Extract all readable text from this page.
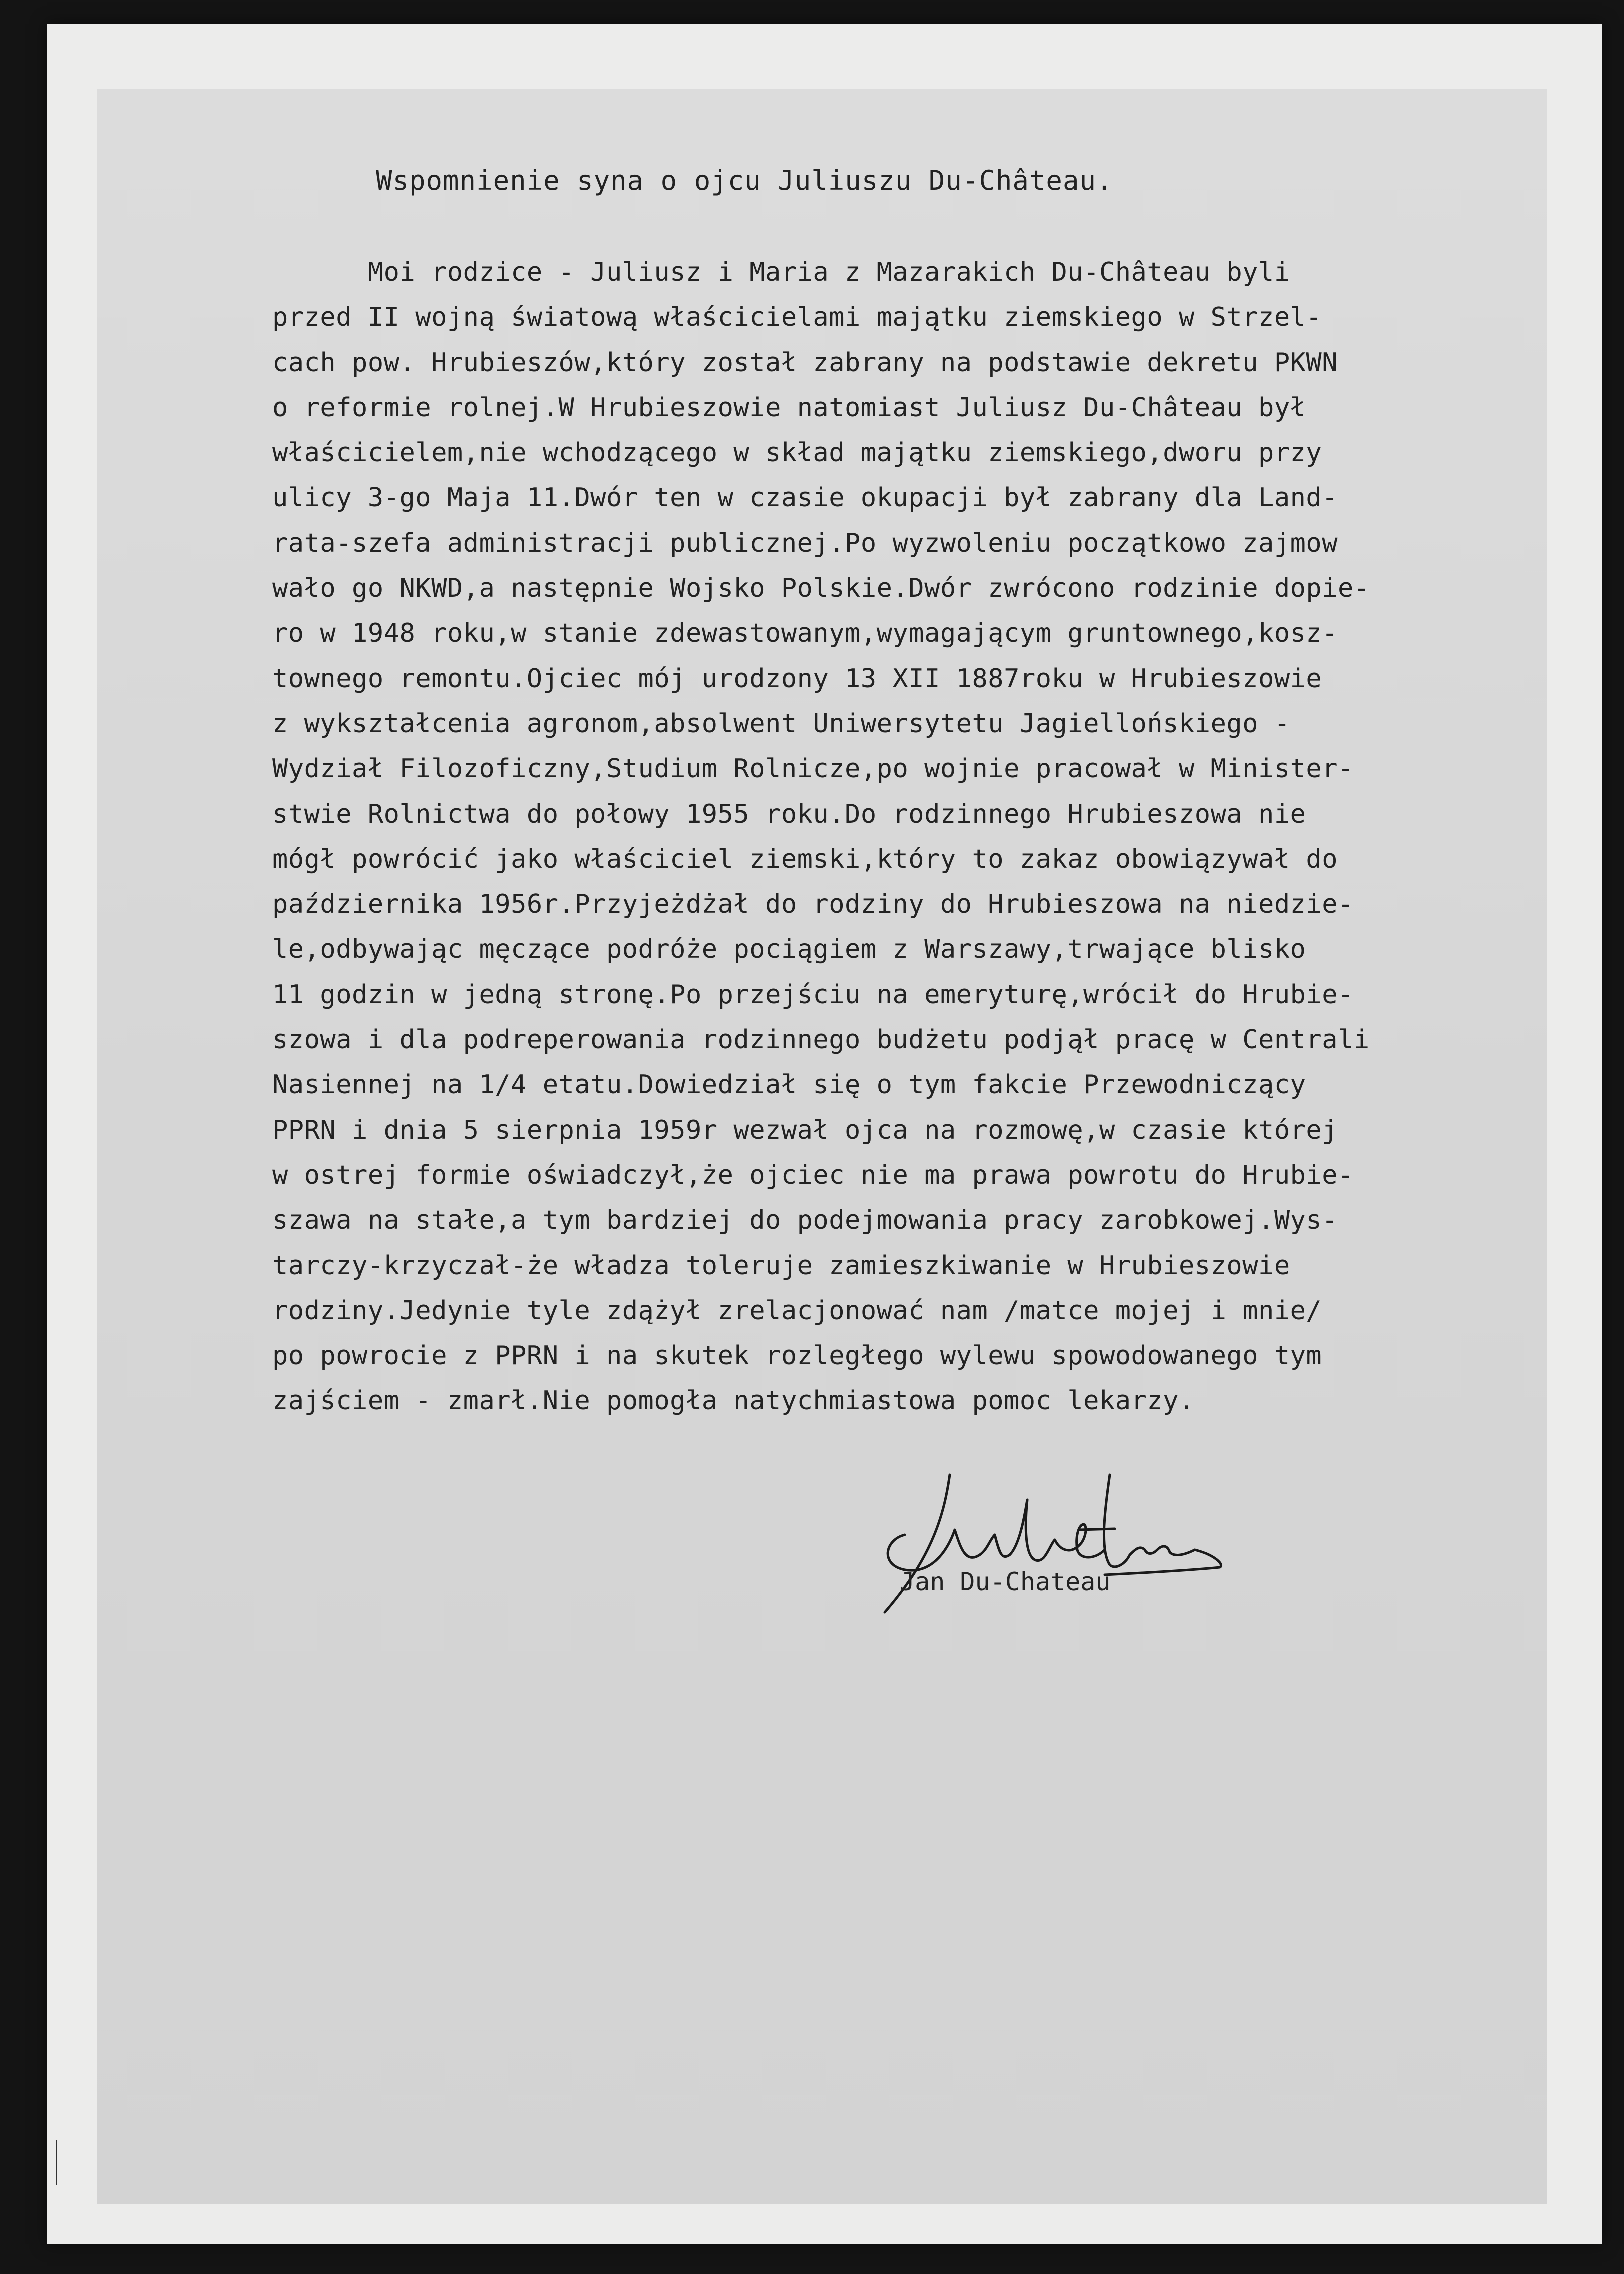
Wspomnienie syna o ojcu Juliuszu Du-Château.
Moi rodzice - Juliusz i Maria z Mazarakich Du-Château byli
przed II wojną światową właścicielami majątku ziemskiego w Strzel-
cach pow. Hrubieszów,który został zabrany na podstawie dekretu PKWN
o reformie rolnej.W Hrubieszowie natomiast Juliusz Du-Château był
właścicielem,nie wchodzącego w skład majątku ziemskiego,dworu przy
ulicy 3-go Maja 11.Dwór ten w czasie okupacji był zabrany dla Land-
rata-szefa administracji publicznej.Po wyzwoleniu początkowo zajmow
wało go NKWD,a następnie Wojsko Polskie.Dwór zwrócono rodzinie dopie-
ro w 1948 roku,w stanie zdewastowanym,wymagającym gruntownego,kosz-
townego remontu.Ojciec mój urodzony 13 XII 1887roku w Hrubieszowie
z wykształcenia agronom,absolwent Uniwersytetu Jagiellońskiego -
Wydział Filozoficzny,Studium Rolnicze,po wojnie pracował w Minister-
stwie Rolnictwa do połowy 1955 roku.Do rodzinnego Hrubieszowa nie
mógł powrócić jako właściciel ziemski,który to zakaz obowiązywał do
października 1956r.Przyjeżdżał do rodziny do Hrubieszowa na niedzie-
le,odbywając męczące podróże pociągiem z Warszawy,trwające blisko
11 godzin w jedną stronę.Po przejściu na emeryturę,wrócił do Hrubie-
szowa i dla podreperowania rodzinnego budżetu podjął pracę w Centrali
Nasiennej na 1/4 etatu.Dowiedział się o tym fakcie Przewodniczący
PPRN i dnia 5 sierpnia 1959r wezwał ojca na rozmowę,w czasie której
w ostrej formie oświadczył,że ojciec nie ma prawa powrotu do Hrubie-
szawa na stałe,a tym bardziej do podejmowania pracy zarobkowej.Wys-
tarczy-krzyczał-że władza toleruje zamieszkiwanie w Hrubieszowie
rodziny.Jedynie tyle zdążył zrelacjonować nam /matce mojej i mnie/
po powrocie z PPRN i na skutek rozległego wylewu spowodowanego tym
zajściem - zmarł.Nie pomogła natychmiastowa pomoc lekarzy.
Jan Du-Chateau
